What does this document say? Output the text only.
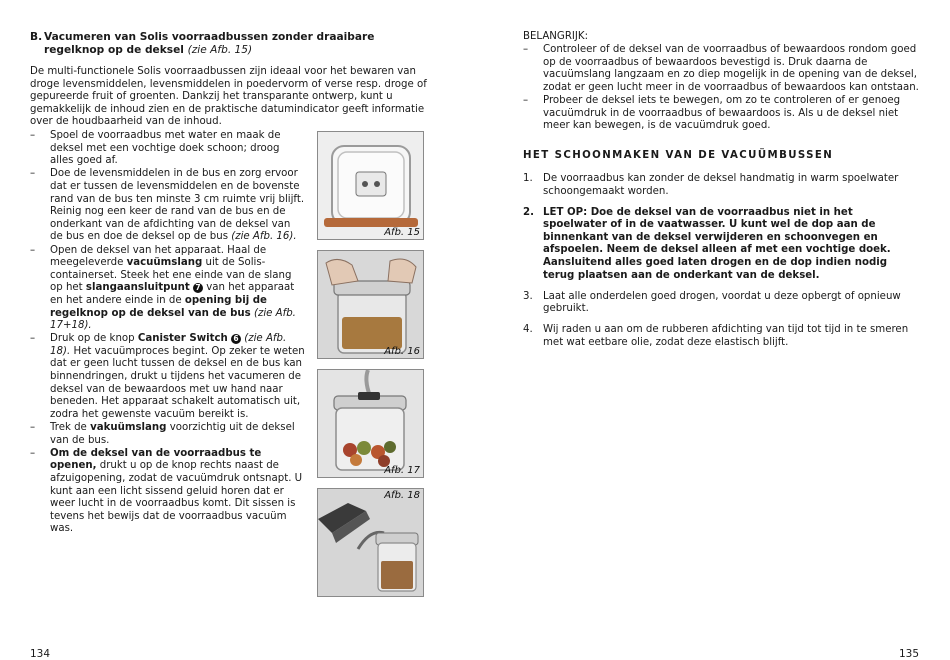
B. Vacumeren van Solis voorraadbussen zonder draaibare regelknop op de deksel (zie Afb. 15)

De multi-functionele Solis voorraadbussen zijn ideaal voor het bewaren van droge levensmiddelen, levensmiddelen in poedervorm of verse resp. droge of gepureerde fruit of groenten. Dankzij het transparante ontwerp, kunt u gemakkelijk de inhoud zien en de praktische datumindicator geeft informatie over de houdbaarheid van de inhoud.

– Spoel de voorraadbus met water en maak de deksel met een vochtige doek schoon; droog alles goed af.
– Doe de levensmiddelen in de bus en zorg ervoor dat er tussen de levensmiddelen en de bovenste rand van de bus ten minste 3 cm ruimte vrij blijft. Reinig nog een keer de rand van de bus en de onderkant van de afdichting van de deksel van de bus en doe de deksel op de bus (zie Afb. 16).
– Open de deksel van het apparaat. Haal de meegeleverde vacuümslang uit de Solis-containerset. Steek het ene einde van de slang op het slangaansluitpunt 7 van het apparaat en het andere einde in de opening bij de regelknop op de deksel van de bus (zie Afb. 17+18).
– Druk op de knop Canister Switch 6 (zie Afb. 18). Het vacuümproces begint. Op zeker te weten dat er geen lucht tussen de deksel en de bus kan binnendringen, drukt u tijdens het vacumeren de deksel van de bewaardoos met uw hand naar beneden. Het apparaat schakelt automatisch uit, zodra het gewenste vacuüm bereikt is.
– Trek de vakuümslang voorzichtig uit de deksel van de bus.
– Om de deksel van de voorraadbus te openen, drukt u op de knop rechts naast de afzuigopening, zodat de vacuümdruk ontsnapt. U kunt aan een licht sissend geluid horen dat er weer lucht in de voorraadbus komt. Dit sissen is tevens het bewijs dat de voorraadbus vacuüm was.
Afb. 15
Afb. 16
Afb. 17
Afb. 18
134
BELANGRIJK:
– Controleer of de deksel van de voorraadbus of bewaardoos rondom goed op de voorraadbus of bewaardoos bevestigd is. Druk daarna de vacuümslang langzaam en zo diep mogelijk in de opening van de deksel, zodat er geen lucht meer in de voorraadbus of bewaardoos kan ontstaan.
– Probeer de deksel iets te bewegen, om zo te controleren of er genoeg vacuümdruk in de voorraadbus of bewaardoos is. Als u de deksel niet meer kan bewegen, is de vacuümdruk goed.
HET SCHOONMAKEN VAN DE VACUÜMBUSSEN
1. De voorraadbus kan zonder de deksel handmatig in warm spoelwater schoongemaakt worden.
2. LET OP: Doe de deksel van de voorraadbus niet in het spoelwater of in de vaatwasser. U kunt wel de dop aan de binnenkant van de deksel verwijderen en schoonvegen en afspoelen. Neem de deksel alleen af met een vochtige doek. Aansluitend alles goed laten drogen en de dop indien nodig terug plaatsen aan de onderkant van de deksel.
3. Laat alle onderdelen goed drogen, voordat u deze opbergt of opnieuw gebruikt.
4. Wij raden u aan om de rubberen afdichting van tijd tot tijd in te smeren met wat eetbare olie, zodat deze elastisch blijft.
135
